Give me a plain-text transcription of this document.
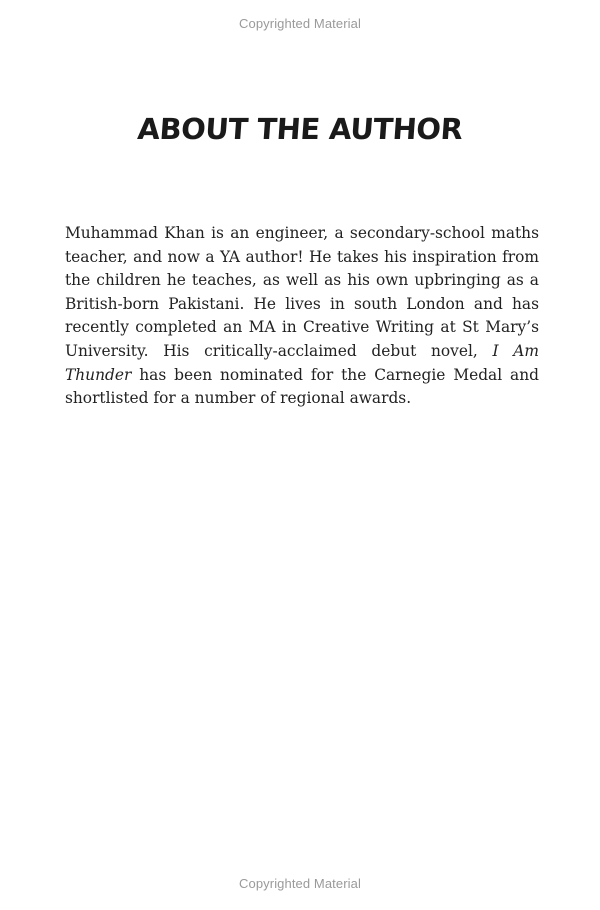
Copyrighted Material
ABOUT THE AUTHOR

Muhammad Khan is an engineer, a secondary-school maths teacher, and now a YA author! He takes his inspiration from the children he teaches, as well as his own upbringing as a British-born Pakistani. He lives in south London and has recently completed an MA in Creative Writing at St Mary’s University. His critically-acclaimed debut novel, I Am Thunder has been nominated for the Carnegie Medal and shortlisted for a number of regional awards.

Copyrighted Material
